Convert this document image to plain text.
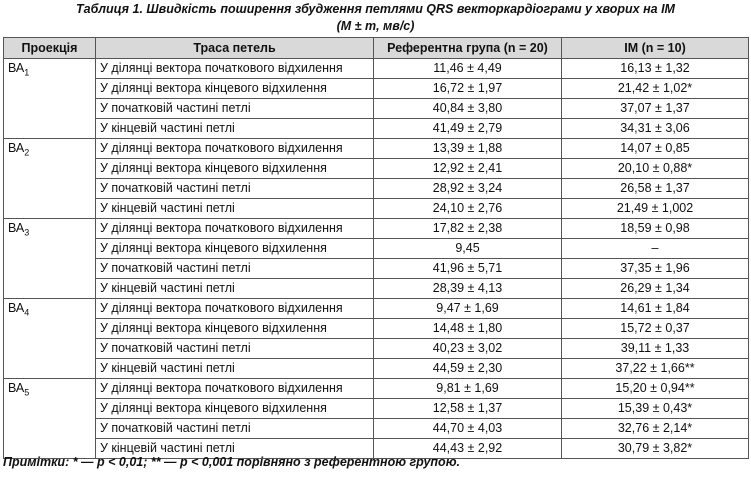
Таблиця 1. Швидкість поширення збудження петлями QRS векторкардіограми у хворих на ІМ
(М ± m, мв/с)
Проекція	Траса петель	Референтна група (n = 20)	ІМ (n = 10)
$ВА_1$	У ділянці вектора початкового відхилення	11,46 ± 4,49	16,13 ± 1,32
	У ділянці вектора кінцевого відхилення	16,72 ± 1,97	21,42 ± 1,02*
	У початковій частині петлі	40,84 ± 3,80	37,07 ± 1,37
	У кінцевій частині петлі	41,49 ± 2,79	34,31 ± 3,06
$ВА_2$	У ділянці вектора початкового відхилення	13,39 ± 1,88	14,07 ± 0,85
	У ділянці вектора кінцевого відхилення	12,92 ± 2,41	20,10 ± 0,88*
	У початковій частині петлі	28,92 ± 3,24	26,58 ± 1,37
	У кінцевій частині петлі	24,10 ± 2,76	21,49 ± 1,002
$ВА_3$	У ділянці вектора початкового відхилення	17,82 ± 2,38	18,59 ± 0,98
	У ділянці вектора кінцевого відхилення	9,45	–
	У початковій частині петлі	41,96 ± 5,71	37,35 ± 1,96
	У кінцевій частині петлі	28,39 ± 4,13	26,29 ± 1,34
$ВА_4$	У ділянці вектора початкового відхилення	9,47 ± 1,69	14,61 ± 1,84
	У ділянці вектора кінцевого відхилення	14,48 ± 1,80	15,72 ± 0,37
	У початковій частині петлі	40,23 ± 3,02	39,11 ± 1,33
	У кінцевій частині петлі	44,59 ± 2,30	37,22 ± 1,66**
$ВА_5$	У ділянці вектора початкового відхилення	9,81 ± 1,69	15,20 ± 0,94**
	У ділянці вектора кінцевого відхилення	12,58 ± 1,37	15,39 ± 0,43*
	У початковій частині петлі	44,70 ± 4,03	32,76 ± 2,14*
	У кінцевій частині петлі	44,43 ± 2,92	30,79 ± 3,82*
Примітки: * — p < 0,01; ** — p < 0,001 порівняно з референтною групою.
